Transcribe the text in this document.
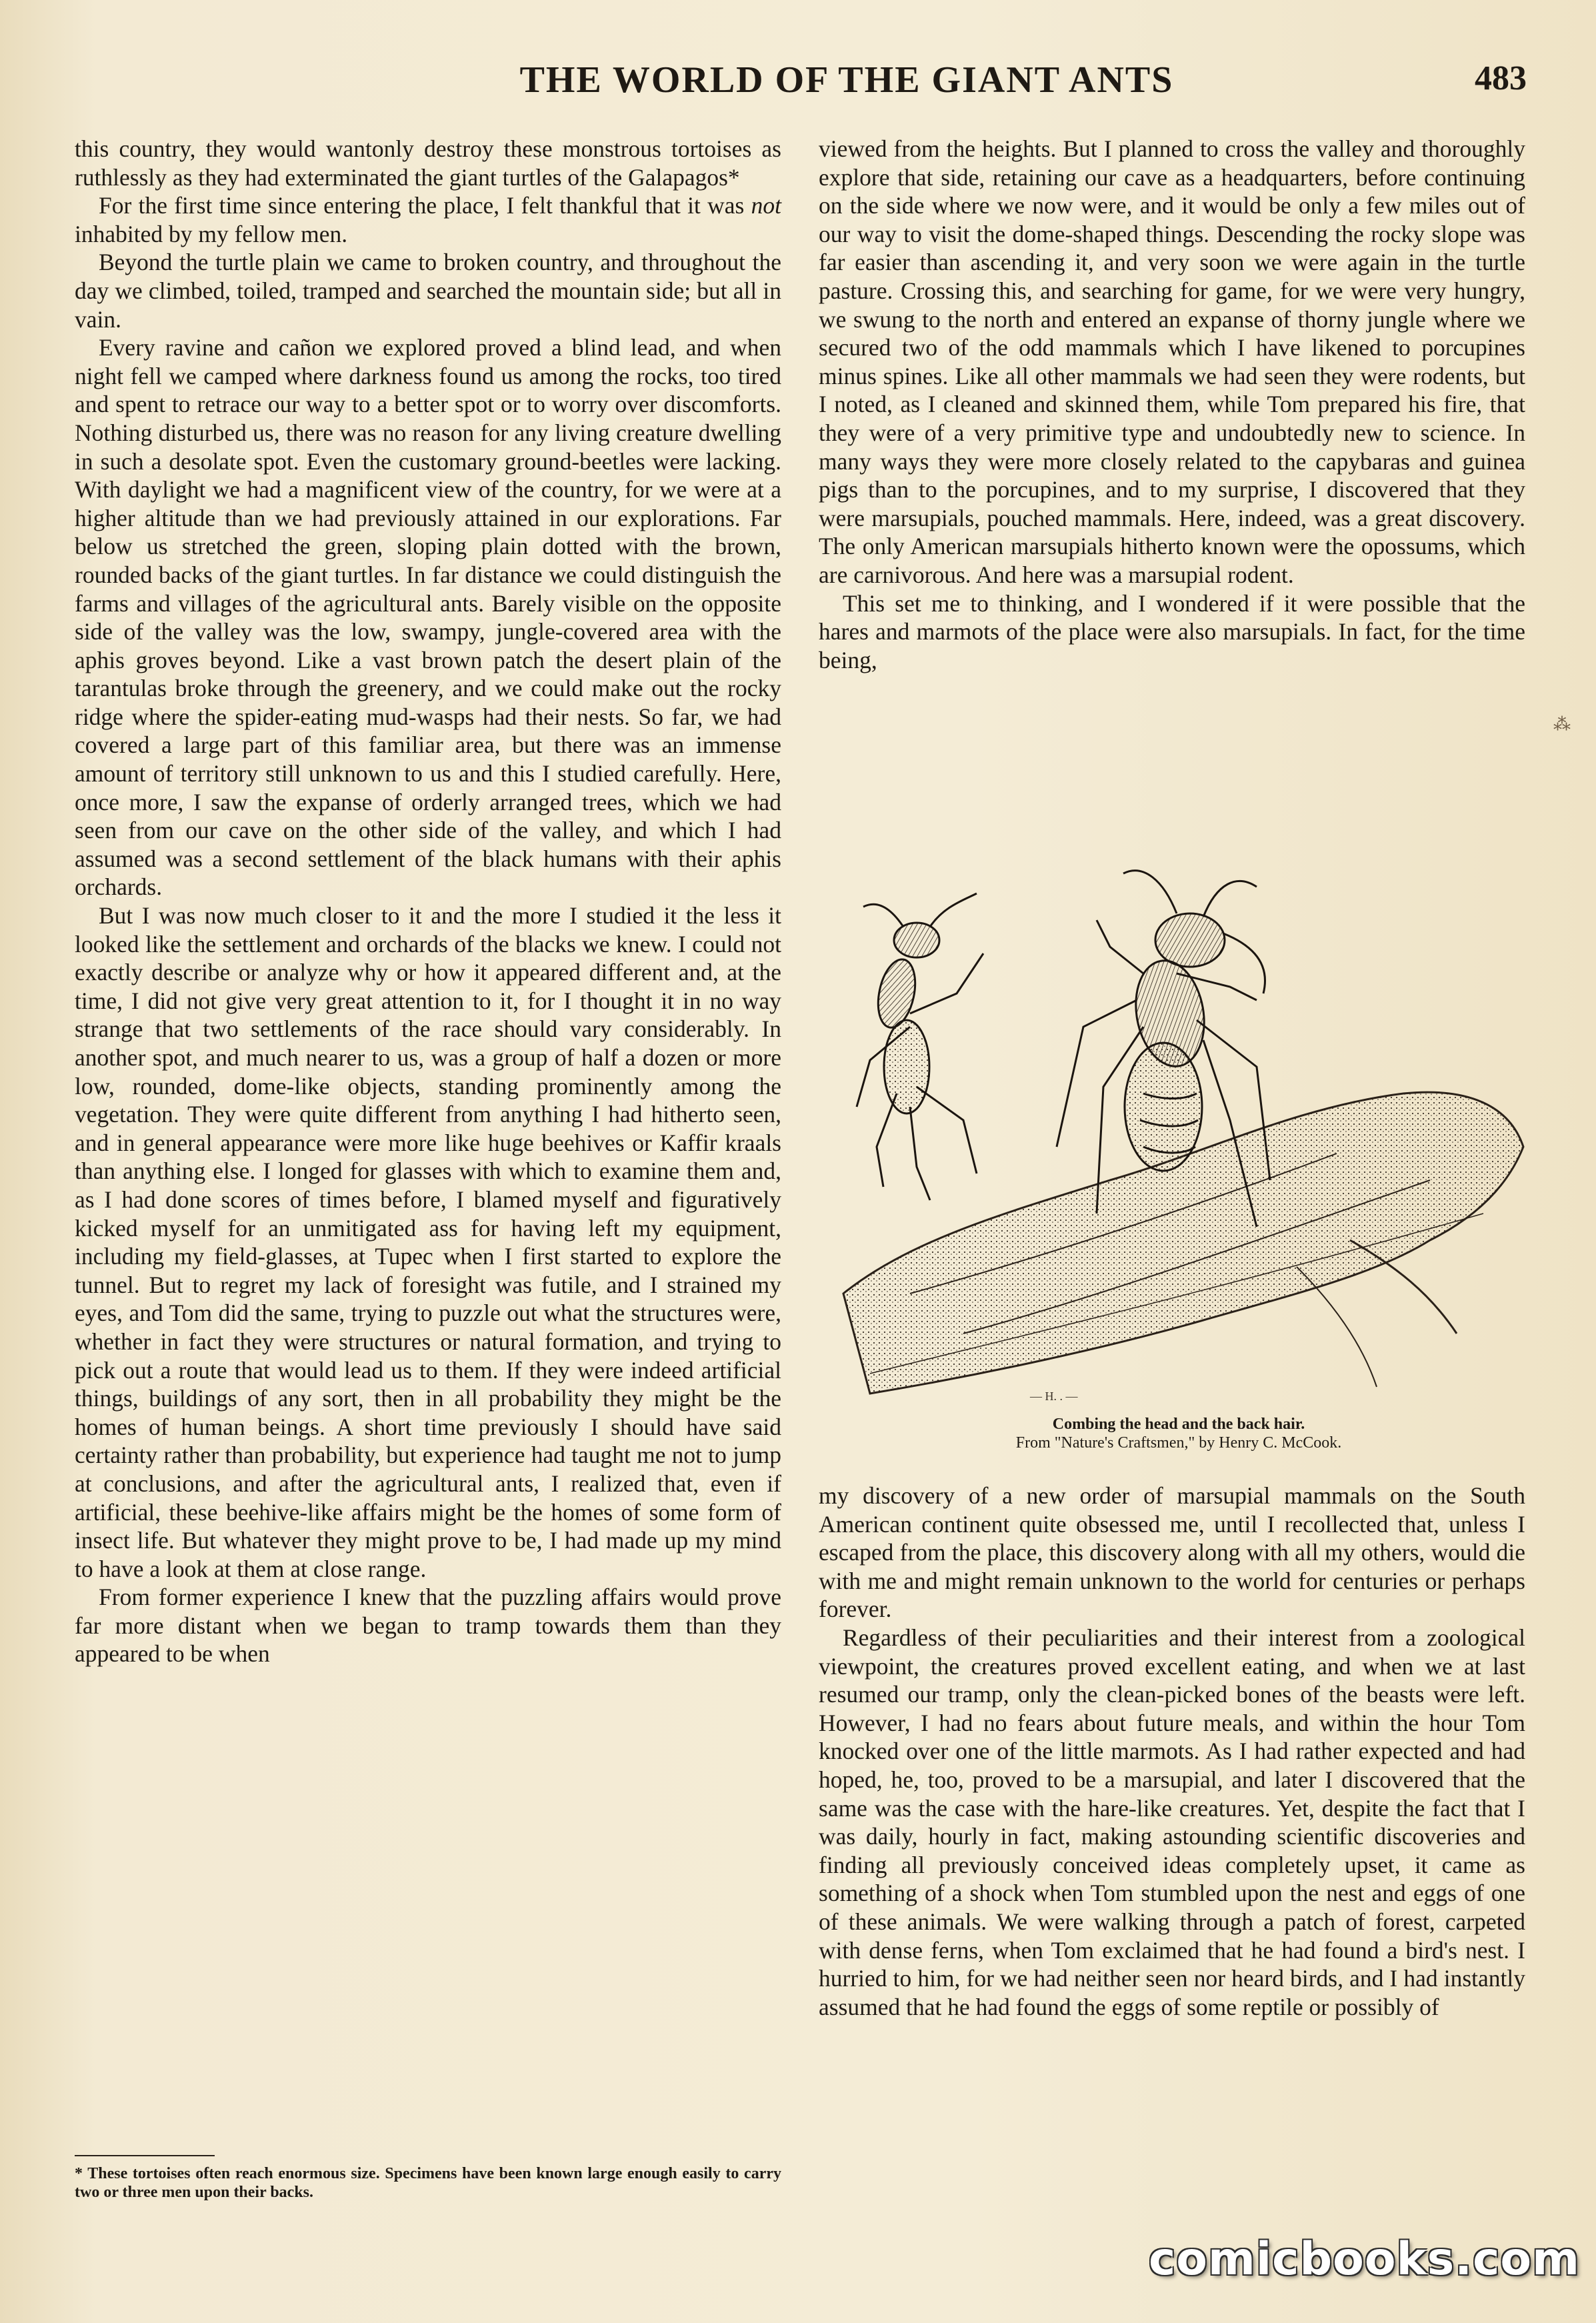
THE WORLD OF THE GIANT ANTS	483

this country, they would wantonly destroy these monstrous tortoises as ruthlessly as they had exterminated the giant turtles of the Galapagos*

For the first time since entering the place, I felt thankful that it was not inhabited by my fellow men.

Beyond the turtle plain we came to broken country, and throughout the day we climbed, toiled, tramped and searched the mountain side; but all in vain.

Every ravine and cañon we explored proved a blind lead, and when night fell we camped where darkness found us among the rocks, too tired and spent to retrace our way to a better spot or to worry over discomforts. Nothing disturbed us, there was no reason for any living creature dwelling in such a desolate spot. Even the customary ground-beetles were lacking. With daylight we had a magnificent view of the country, for we were at a higher altitude than we had previously attained in our explorations. Far below us stretched the green, sloping plain dotted with the brown, rounded backs of the giant turtles. In far distance we could distinguish the farms and villages of the agricultural ants. Barely visible on the opposite side of the valley was the low, swampy, jungle-covered area with the aphis groves beyond. Like a vast brown patch the desert plain of the tarantulas broke through the greenery, and we could make out the rocky ridge where the spider-eating mud-wasps had their nests. So far, we had covered a large part of this familiar area, but there was an immense amount of territory still unknown to us and this I studied carefully. Here, once more, I saw the expanse of orderly arranged trees, which we had seen from our cave on the other side of the valley, and which I had assumed was a second settlement of the black humans with their aphis orchards.

But I was now much closer to it and the more I studied it the less it looked like the settlement and orchards of the blacks we knew. I could not exactly describe or analyze why or how it appeared different and, at the time, I did not give very great attention to it, for I thought it in no way strange that two settlements of the race should vary considerably. In another spot, and much nearer to us, was a group of half a dozen or more low, rounded, dome-like objects, standing prominently among the vegetation. They were quite different from anything I had hitherto seen, and in general appearance were more like huge beehives or Kaffir kraals than anything else. I longed for glasses with which to examine them and, as I had done scores of times before, I blamed myself and figuratively kicked myself for an unmitigated ass for having left my equipment, including my field-glasses, at Tupec when I first started to explore the tunnel. But to regret my lack of foresight was futile, and I strained my eyes, and Tom did the same, trying to puzzle out what the structures were, whether in fact they were structures or natural formation, and trying to pick out a route that would lead us to them. If they were indeed artificial things, buildings of any sort, then in all probability they might be the homes of human beings. A short time previously I should have said certainty rather than probability, but experience had taught me not to jump at conclusions, and after the agricultural ants, I realized that, even if artificial, these beehive-like affairs might be the homes of some form of insect life. But whatever they might prove to be, I had made up my mind to have a look at them at close range.

From former experience I knew that the puzzling affairs would prove far more distant when we began to tramp towards them than they appeared to be when

viewed from the heights. But I planned to cross the valley and thoroughly explore that side, retaining our cave as a headquarters, before continuing on the side where we now were, and it would be only a few miles out of our way to visit the dome-shaped things. Descending the rocky slope was far easier than ascending it, and very soon we were again in the turtle pasture. Crossing this, and searching for game, for we were very hungry, we swung to the north and entered an expanse of thorny jungle where we secured two of the odd mammals which I have likened to porcupines minus spines. Like all other mammals we had seen they were rodents, but I noted, as I cleaned and skinned them, while Tom prepared his fire, that they were of a very primitive type and undoubtedly new to science. In many ways they were more closely related to the capybaras and guinea pigs than to the porcupines, and to my surprise, I discovered that they were marsupials, pouched mammals. Here, indeed, was a great discovery. The only American marsupials hitherto known were the opossums, which are carnivorous. And here was a marsupial rodent.

This set me to thinking, and I wondered if it were possible that the hares and marmots of the place were also marsupials. In fact, for the time being,

— H. . —
Combing the head and the back hair.
From "Nature's Craftsmen," by Henry C. McCook.

my discovery of a new order of marsupial mammals on the South American continent quite obsessed me, until I recollected that, unless I escaped from the place, this discovery along with all my others, would die with me and might remain unknown to the world for centuries or perhaps forever.

Regardless of their peculiarities and their interest from a zoological viewpoint, the creatures proved excellent eating, and when we at last resumed our tramp, only the clean-picked bones of the beasts were left. However, I had no fears about future meals, and within the hour Tom knocked over one of the little marmots. As I had rather expected and had hoped, he, too, proved to be a marsupial, and later I discovered that the same was the case with the hare-like creatures. Yet, despite the fact that I was daily, hourly in fact, making astounding scientific discoveries and finding all previously conceived ideas completely upset, it came as something of a shock when Tom stumbled upon the nest and eggs of one of these animals. We were walking through a patch of forest, carpeted with dense ferns, when Tom exclaimed that he had found a bird's nest. I hurried to him, for we had neither seen nor heard birds, and I had instantly assumed that he had found the eggs of some reptile or possibly of

* These tortoises often reach enormous size. Specimens have been known large enough easily to carry two or three men upon their backs.
⁂
comicbooks.com
